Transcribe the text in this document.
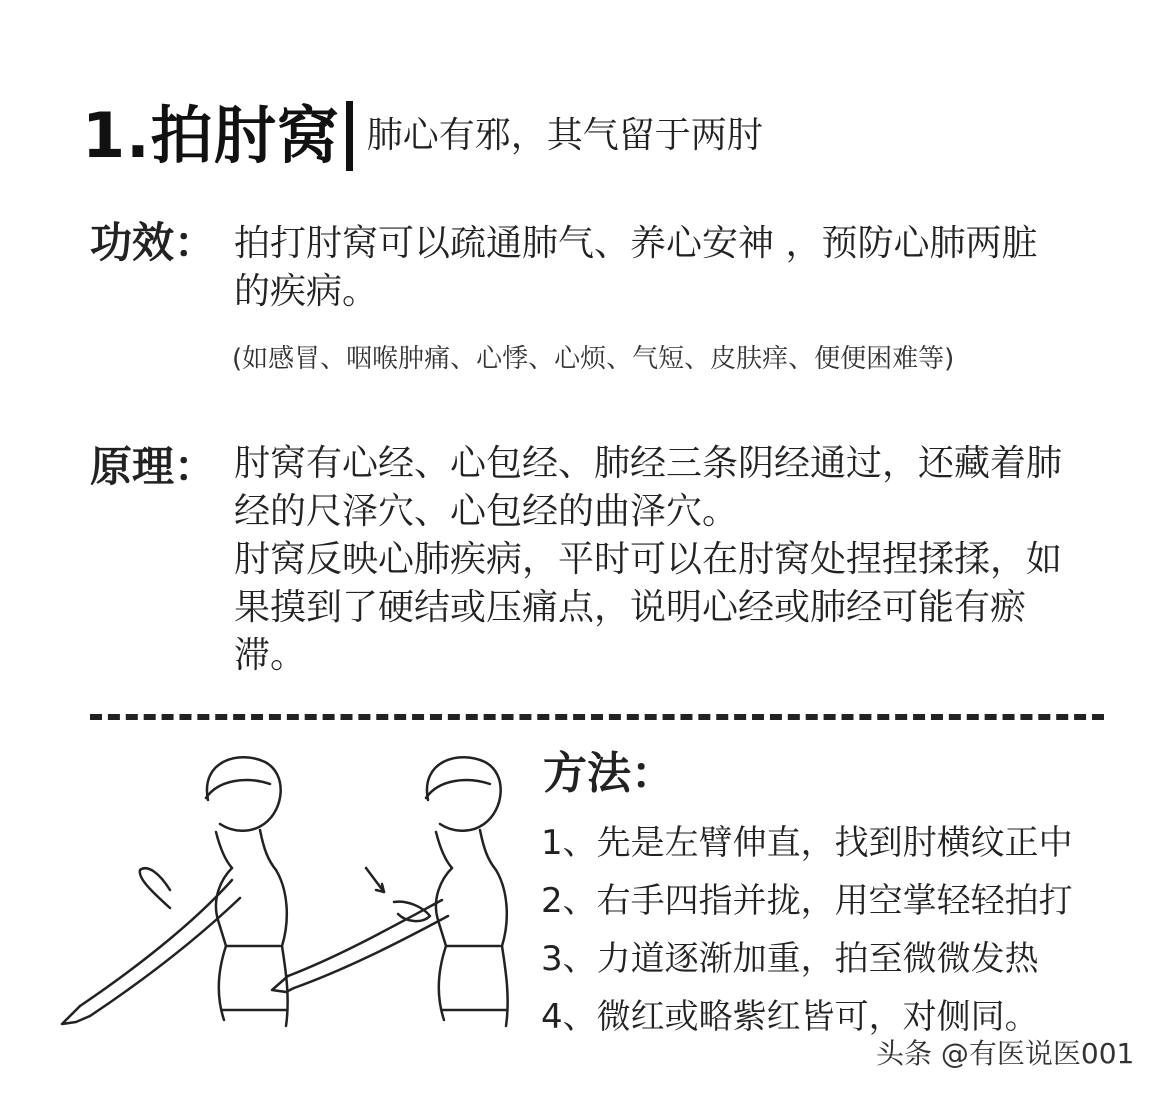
1.拍肘窝 肺心有邪，其气留于两肘
功效： 拍打肘窝可以疏通肺气、养心安神 ，预防心肺两脏
的疾病。
(如感冒、咽喉肿痛、心悸、心烦、气短、皮肤痒、便便困难等)
原理： 肘窝有心经、心包经、肺经三条阴经通过，还藏着肺
经的尺泽穴、心包经的曲泽穴。
肘窝反映心肺疾病，平时可以在肘窝处捏捏揉揉，如
果摸到了硬结或压痛点，说明心经或肺经可能有瘀
滞。
方法：
1、先是左臂伸直，找到肘横纹正中
2、右手四指并拢，用空掌轻轻拍打
3、力道逐渐加重，拍至微微发热
4、微红或略紫红皆可，对侧同。
头条 @有医说医001
